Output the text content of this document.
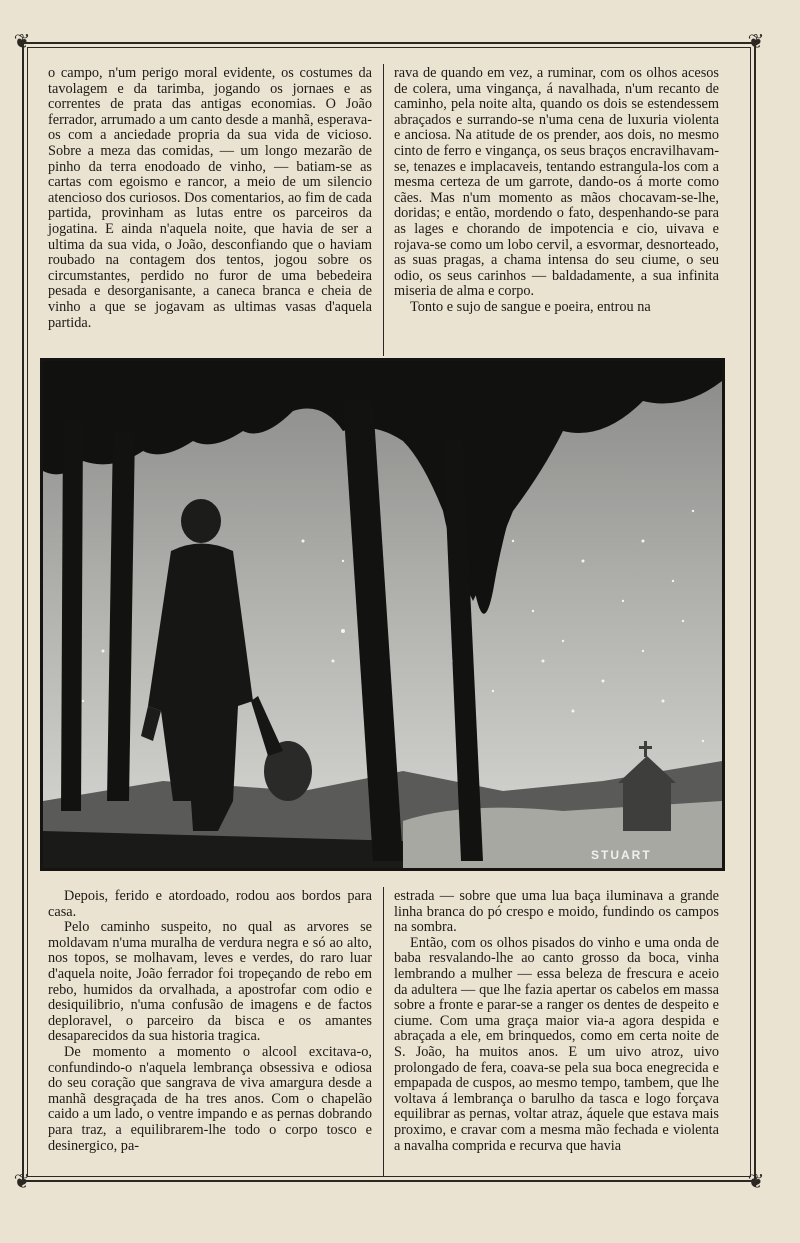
❦	❦
❦	❦

o campo, n'um perigo moral evidente, os costumes da tavolagem e da tarimba, jogando os jornaes e as correntes de prata das antigas economias. O João ferrador, arrumado a um canto desde a manhã, esperava-os com a anciedade propria da sua vida de vicioso. Sobre a meza das comidas, — um longo mezarão de pinho da terra enodoado de vinho, — batiam-se as cartas com egoismo e rancor, a meio de um silencio atencioso dos curiosos. Dos comentarios, ao fim de cada partida, provinham as lutas entre os parceiros da jogatina. E ainda n'aquela noite, que havia de ser a ultima da sua vida, o João, desconfiando que o haviam roubado na contagem dos tentos, jogou sobre os circumstantes, perdido no furor de uma bebedeira pesada e desorganisante, a caneca branca e cheia de vinho a que se jogavam as ultimas vasas d'aquela partida.

rava de quando em vez, a ruminar, com os olhos acesos de colera, uma vingança, á navalhada, n'um recanto de caminho, pela noite alta, quando os dois se estendessem abraçados e surrando-se n'uma cena de luxuria violenta e anciosa. Na atitude de os prender, aos dois, no mesmo cinto de ferro e vingança, os seus braços encravilhavam-se, tenazes e implacaveis, tentando estrangula-los com a mesma certeza de um garrote, dando-os á morte como cães. Mas n'um momento as mãos chocavam-se-lhe, doridas; e então, mordendo o fato, despenhando-se para as lages e chorando de impotencia e cio, uivava e rojava-se como um lobo cervil, a esvormar, desnorteado, as suas pragas, a chama intensa do seu ciume, o seu odio, os seus carinhos — baldadamente, a sua infinita miseria de alma e corpo.

Tonto e sujo de sangue e poeira, entrou na

STUART

Depois, ferido e atordoado, rodou aos bordos para casa.

Pelo caminho suspeito, no qual as arvores se moldavam n'uma muralha de verdura negra e só ao alto, nos topos, se molhavam, leves e verdes, do raro luar d'aquela noite, João ferrador foi tropeçando de rebo em rebo, humidos da orvalhada, a apostrofar com odio e desiquilibrio, n'uma confusão de imagens e de factos deploravel, o parceiro da bisca e os amantes desaparecidos da sua historia tragica.

De momento a momento o alcool excitava-o, confundindo-o n'aquela lembrança obsessiva e odiosa do seu coração que sangrava de viva amargura desde a manhã desgraçada de ha tres anos. Com o chapelão caido a um lado, o ventre impando e as pernas dobrando para traz, a equilibrarem-lhe todo o corpo tosco e desinergico, pa-

estrada — sobre que uma lua baça iluminava a grande linha branca do pó crespo e moido, fundindo os campos na sombra.

Então, com os olhos pisados do vinho e uma onda de baba resvalando-lhe ao canto grosso da boca, vinha lembrando a mulher — essa beleza de frescura e aceio da adultera — que lhe fazia apertar os cabelos em massa sobre a fronte e parar-se a ranger os dentes de despeito e ciume. Com uma graça maior via-a agora despida e abraçada a ele, em brinquedos, como em certa noite de S. João, ha muitos anos. E um uivo atroz, uivo prolongado de fera, coava-se pela sua boca enegrecida e empapada de cuspos, ao mesmo tempo, tambem, que lhe voltava á lembrança o barulho da tasca e logo forçava equilibrar as pernas, voltar atraz, áquele que estava mais proximo, e cravar com a mesma mão fechada e violenta a navalha comprida e recurva que havia
